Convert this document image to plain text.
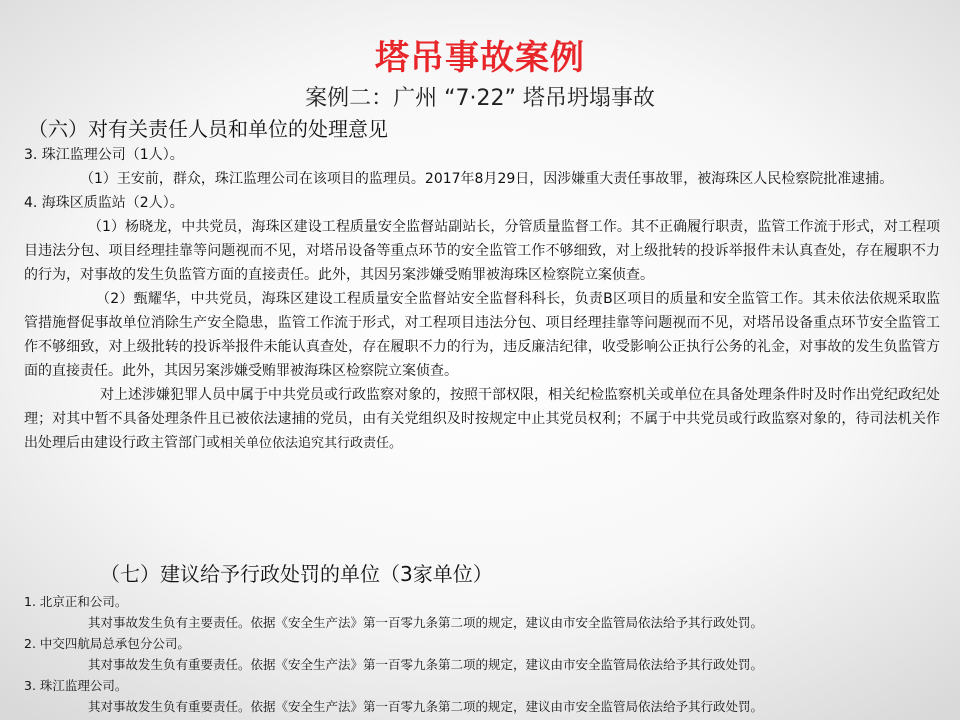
塔吊事故案例
案例二：广州 “7·22” 塔吊坍塌事故
（六）对有关责任人员和单位的处理意见

3. 珠江监理公司（1人）。

（1）王安前，群众，珠江监理公司在该项目的监理员。2017年8月29日，因涉嫌重大责任事故罪，被海珠区人民检察院批准逮捕。

4. 海珠区质监站（2人）。

（1）杨晓龙，中共党员，海珠区建设工程质量安全监督站副站长，分管质量监督工作。其不正确履行职责，监管工作流于形式，对工程项目违法分包、项目经理挂靠等问题视而不见，对塔吊设备等重点环节的安全监管工作不够细致，对上级批转的投诉举报件未认真查处，存在履职不力的行为，对事故的发生负监管方面的直接责任。此外，其因另案涉嫌受贿罪被海珠区检察院立案侦查。

（2）甄耀华，中共党员，海珠区建设工程质量安全监督站安全监督科科长，负责B区项目的质量和安全监管工作。其未依法依规采取监管措施督促事故单位消除生产安全隐患，监管工作流于形式，对工程项目违法分包、项目经理挂靠等问题视而不见，对塔吊设备重点环节安全监管工作不够细致，对上级批转的投诉举报件未能认真查处，存在履职不力的行为，违反廉洁纪律，收受影响公正执行公务的礼金，对事故的发生负监管方面的直接责任。此外，其因另案涉嫌受贿罪被海珠区检察院立案侦查。

对上述涉嫌犯罪人员中属于中共党员或行政监察对象的，按照干部权限，相关纪检监察机关或单位在具备处理条件时及时作出党纪政纪处理；对其中暂不具备处理条件且已被依法逮捕的党员，由有关党组织及时按规定中止其党员权利；不属于中共党员或行政监察对象的，待司法机关作出处理后由建设行政主管部门或相关单位依法追究其行政责任。

（七）建议给予行政处罚的单位（3家单位）

1. 北京正和公司。

其对事故发生负有主要责任。依据《安全生产法》第一百零九条第二项的规定，建议由市安全监管局依法给予其行政处罚。

2. 中交四航局总承包分公司。

其对事故发生负有重要责任。依据《安全生产法》第一百零九条第二项的规定，建议由市安全监管局依法给予其行政处罚。

3. 珠江监理公司。

其对事故发生负有重要责任。依据《安全生产法》第一百零九条第二项的规定，建议由市安全监管局依法给予其行政处罚。
